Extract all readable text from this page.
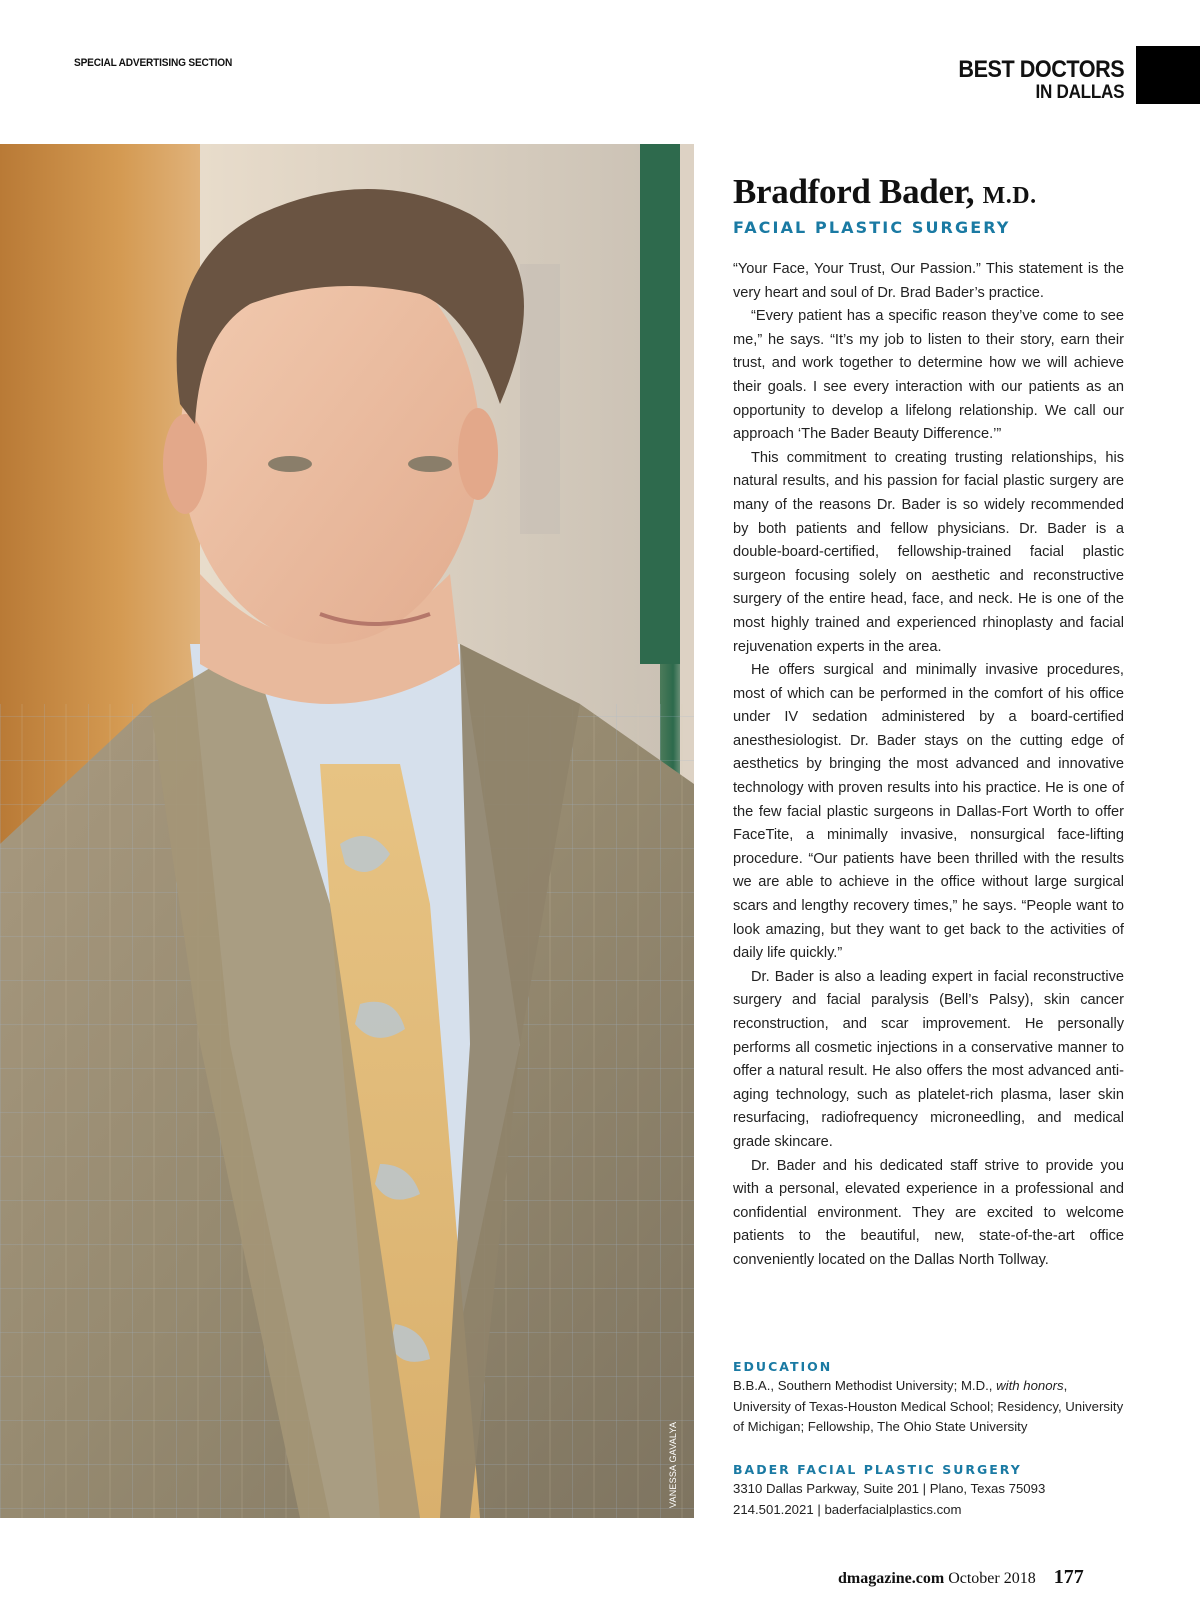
SPECIAL ADVERTISING SECTION	BEST DOCTORS
IN DALLAS
VANESSA GAVALYA
Bradford Bader, M.D.
FACIAL PLASTIC SURGERY

“Your Face, Your Trust, Our Passion.” This statement is the very heart and soul of Dr. Brad Bader’s practice.

“Every patient has a specific reason they’ve come to see me,” he says. “It’s my job to listen to their story, earn their trust, and work together to determine how we will achieve their goals. I see every interaction with our patients as an opportunity to develop a lifelong relationship. We call our approach ‘The Bader Beauty Difference.’”

This commitment to creating trusting relationships, his natural results, and his passion for facial plastic surgery are many of the reasons Dr. Bader is so widely recommended by both patients and fellow physicians. Dr. Bader is a double-board-certified, fellowship-trained facial plastic surgeon focusing solely on aesthetic and reconstructive surgery of the entire head, face, and neck. He is one of the most highly trained and experienced rhinoplasty and facial rejuvenation experts in the area.

He offers surgical and minimally invasive procedures, most of which can be performed in the comfort of his office under IV sedation administered by a board-certified anesthesiologist. Dr. Bader stays on the cutting edge of aesthetics by bringing the most advanced and innovative technology with proven results into his practice. He is one of the few facial plastic surgeons in Dallas-Fort Worth to offer FaceTite, a minimally invasive, nonsurgical face-lifting procedure. “Our patients have been thrilled with the results we are able to achieve in the office without large surgical scars and lengthy recovery times,” he says. “People want to look amazing, but they want to get back to the activities of daily life quickly.”

Dr. Bader is also a leading expert in facial reconstructive surgery and facial paralysis (Bell’s Palsy), skin cancer reconstruction, and scar improvement. He personally performs all cosmetic injections in a conservative manner to offer a natural result. He also offers the most advanced anti-aging technology, such as platelet-rich plasma, laser skin resurfacing, radiofrequency microneedling, and medical grade skincare.

Dr. Bader and his dedicated staff strive to provide you with a personal, elevated experience in a professional and confidential environment. They are excited to welcome patients to the beautiful, new, state-of-the-art office conveniently located on the Dallas North Tollway.

EDUCATION
B.B.A., Southern Methodist University; M.D., with honors, University of Texas-Houston Medical School; Residency, University of Michigan; Fellowship, The Ohio State University
BADER FACIAL PLASTIC SURGERY
3310 Dallas Parkway, Suite 201 | Plano, Texas 75093
214.501.2021 | baderfacialplastics.com
dmagazine.com October 2018 177
